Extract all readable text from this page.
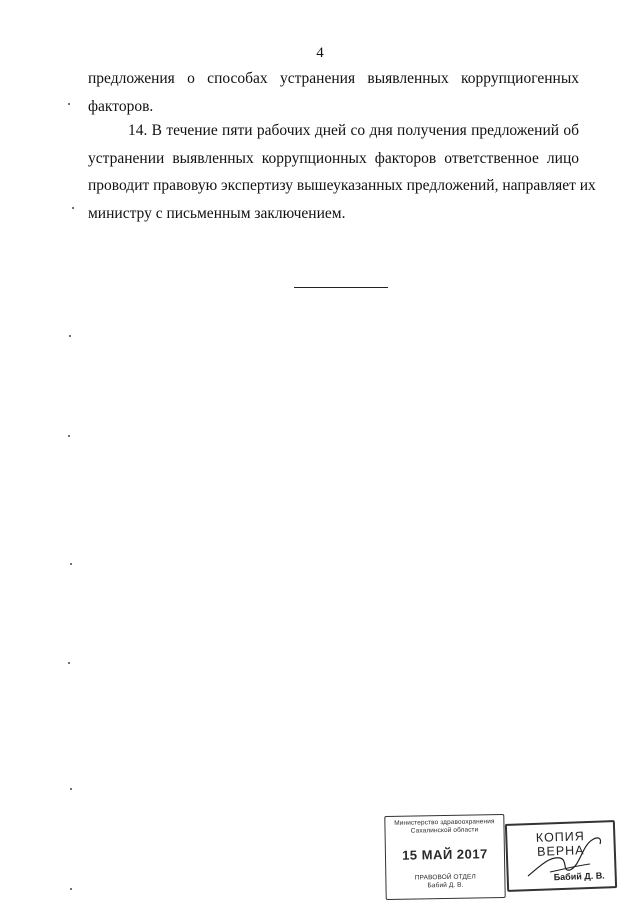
4
предложения о способах устранения выявленных коррупциогенных
факторов.
14. В течение пяти рабочих дней со дня получения предложений об
устранении выявленных коррупционных факторов ответственное лицо
проводит правовую экспертизу вышеуказанных предложений, направляет их
министру с письменным заключением.
Министерство здравоохранения
Сахалинской области
15 МАЙ 2017
ПРАВОВОЙ ОТДЕЛ
Бабий Д. В.
КОПИЯ ВЕРНА
Бабий Д. В.
